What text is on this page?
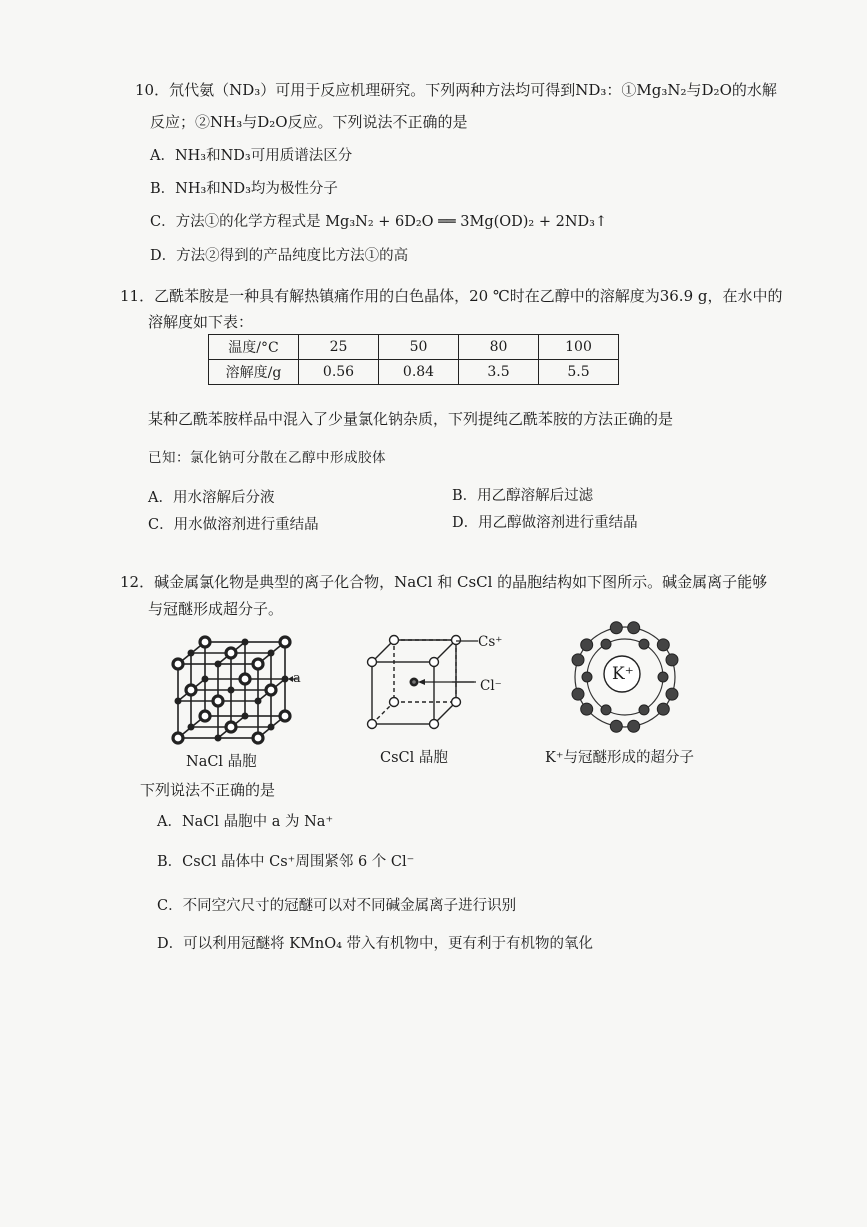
10．氘代氨（ND₃）可用于反应机理研究。下列两种方法均可得到ND₃：①Mg₃N₂与D₂O的水解
反应；②NH₃与D₂O反应。下列说法不正确的是
A．NH₃和ND₃可用质谱法区分
B．NH₃和ND₃均为极性分子
C．方法①的化学方程式是 Mg₃N₂ + 6D₂O ══ 3Mg(OD)₂ + 2ND₃↑
D．方法②得到的产品纯度比方法①的高
11．乙酰苯胺是一种具有解热镇痛作用的白色晶体，20 ℃时在乙醇中的溶解度为36.9 g，在水中的
溶解度如下表：
温度/°C	25	50	80	100
溶解度/g	0.56	0.84	3.5	5.5
某种乙酰苯胺样品中混入了少量氯化钠杂质，下列提纯乙酰苯胺的方法正确的是
已知：氯化钠可分散在乙醇中形成胶体
A．用水溶解后分液	B．用乙醇溶解后过滤
C．用水做溶剂进行重结晶	D．用乙醇做溶剂进行重结晶
12．碱金属氯化物是典型的离子化合物，NaCl 和 CsCl 的晶胞结构如下图所示。碱金属离子能够
与冠醚形成超分子。
a
Cs⁺
Cl⁻
K⁺
NaCl 晶胞	CsCl 晶胞	K⁺与冠醚形成的超分子
下列说法不正确的是
A．NaCl 晶胞中 a 为 Na⁺
B．CsCl 晶体中 Cs⁺周围紧邻 6 个 Cl⁻
C．不同空穴尺寸的冠醚可以对不同碱金属离子进行识别
D．可以利用冠醚将 KMnO₄ 带入有机物中，更有利于有机物的氧化
